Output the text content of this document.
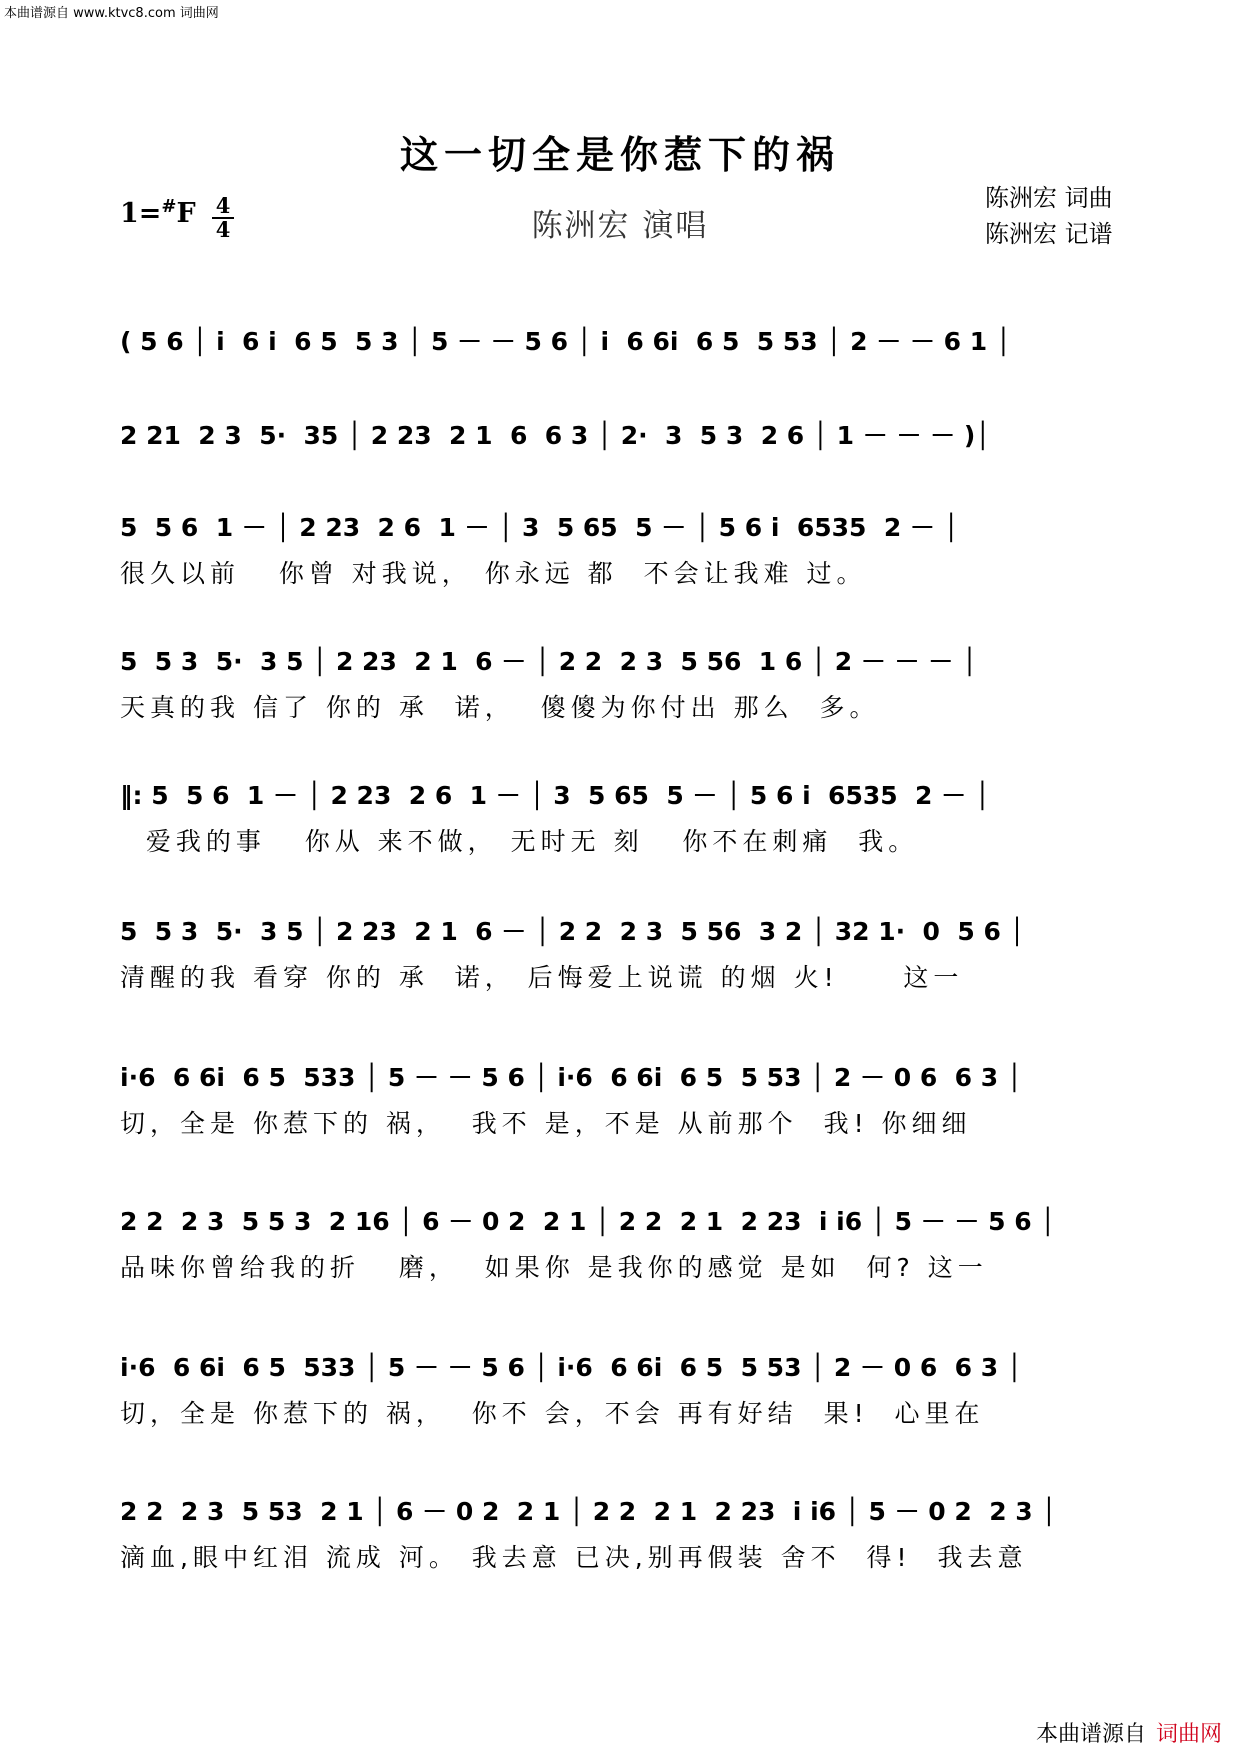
本曲谱源自 www.ktvc8.com 词曲网
这一切全是你惹下的祸
1=#F 4
4	陈洲宏 演唱
陈洲宏 词曲
陈洲宏 记谱
( 5 6 │ i  6 i  6 5  5 3 │ 5 － － 5 6 │ i  6 6i  6 5  5 53 │ 2 － － 6 1 │
2 21  2 3  5·  35 │ 2 23  2 1  6  6 3 │ 2·  3  5 3  2 6 │ 1 － － － )│
5  5 6  1 － │ 2 23  2 6  1 － │ 3  5 65  5 － │ 5 6 i  6535  2 － │
很久以前   你曾 对我说， 你永远 都  不会让我难 过。
5  5 3  5·  3 5 │ 2 23  2 1  6 － │ 2 2  2 3  5 56  1 6 │ 2 － － － │
天真的我 信了 你的 承  诺，  傻傻为你付出 那么  多。
‖: 5  5 6  1 － │ 2 23  2 6  1 － │ 3  5 65  5 － │ 5 6 i  6535  2 － │
爱我的事   你从 来不做， 无时无 刻   你不在刺痛  我。
5  5 3  5·  3 5 │ 2 23  2 1  6 － │ 2 2  2 3  5 56  3 2 │ 32 1·  0  5 6 │
清醒的我 看穿 你的 承  诺， 后悔爱上说谎 的烟 火!     这一
i·6  6 6i  6 5  533 │ 5 － － 5 6 │ i·6  6 6i  6 5  5 53 │ 2 － 0 6  6 3 │
切，全是 你惹下的 祸，  我不 是，不是 从前那个  我! 你细细
2 2  2 3  5 5 3  2 16 │ 6 － 0 2  2 1 │ 2 2  2 1  2 23  i i6 │ 5 － － 5 6 │
品味你曾给我的折   磨，  如果你 是我你的感觉 是如  何? 这一
i·6  6 6i  6 5  533 │ 5 － － 5 6 │ i·6  6 6i  6 5  5 53 │ 2 － 0 6  6 3 │
切，全是 你惹下的 祸，  你不 会，不会 再有好结  果!  心里在
2 2  2 3  5 53  2 1 │ 6 － 0 2  2 1 │ 2 2  2 1  2 23  i i6 │ 5 － 0 2  2 3 │
滴血,眼中红泪 流成 河。 我去意 已决,别再假装 舍不  得!  我去意
本曲谱源自 词曲网
